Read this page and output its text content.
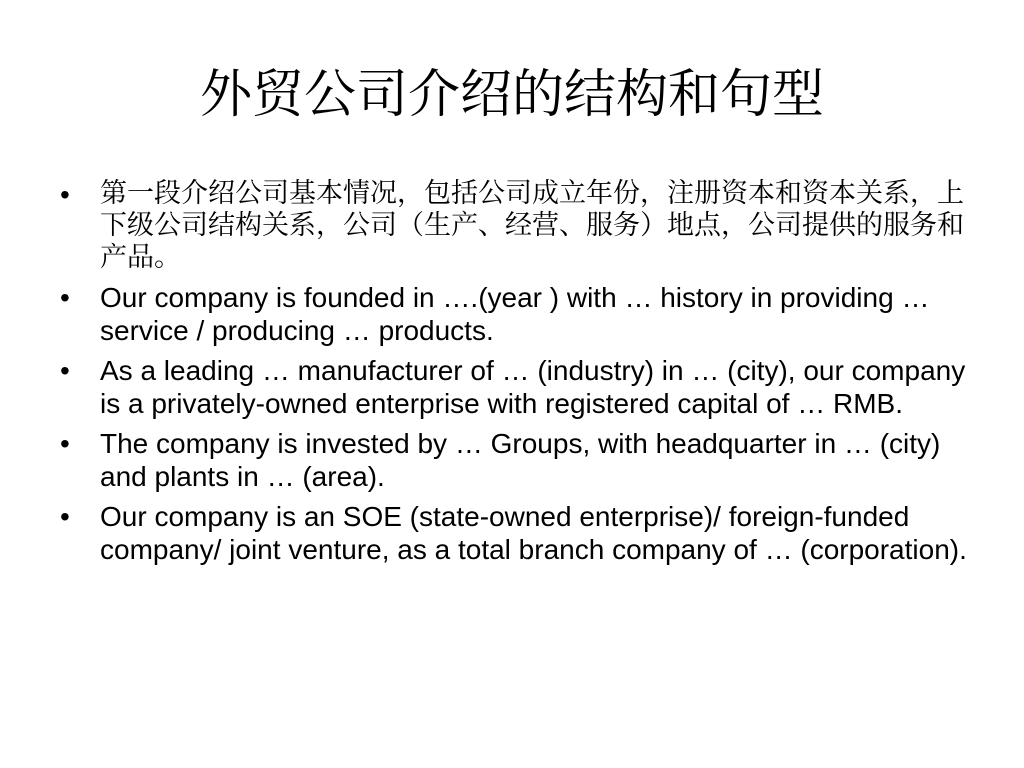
外贸公司介绍的结构和句型
• 第一段介绍公司基本情况，包括公司成立年份，注册资本和资本关系，上下级公司结构关系，公司（生产、经营、服务）地点，公司提供的服务和产品。
• Our company is founded in ….(year ) with … history in providing … service / producing … products.
• As a leading … manufacturer of … (industry) in … (city), our company is a privately-owned enterprise with registered capital of … RMB.
• The company is invested by … Groups, with headquarter in … (city) and plants in … (area).
• Our company is an SOE (state-owned enterprise)/ foreign-funded company/ joint venture, as a total branch company of … (corporation).
